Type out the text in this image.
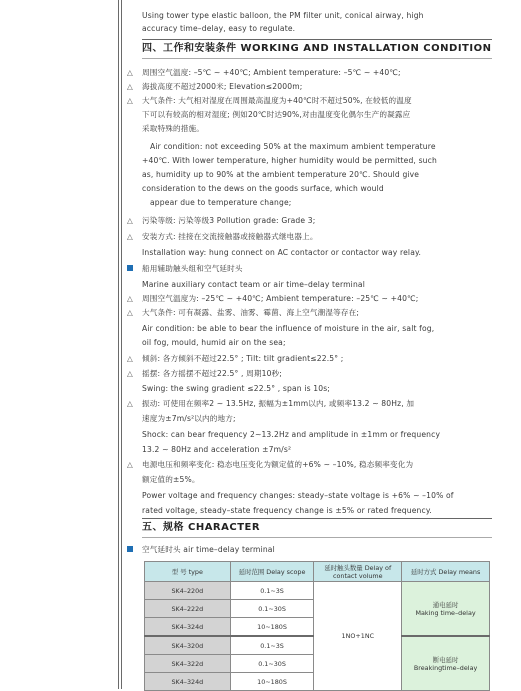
Using tower type elastic balloon, the PM filter unit, conical airway, high
accuracy time–delay, easy to regulate.
四、工作和安装条件 WORKING AND INSTALLATION CONDITION
△ 周围空气温度: –5℃ ~ +40℃; Ambient temperature: –5℃ ~ +40℃;
△ 海拔高度不超过2000米; Elevation≤2000m;
△ 大气条件: 大气相对湿度在周围最高温度为+40℃时不超过50%, 在较低的温度
下可以有较高的相对湿度; 例如20℃时达90%,对由温度变化偶尔生产的凝露应
采取特殊的措施。
Air condition: not exceeding 50% at the maximum ambient temperature
+40℃. With lower temperature, higher humidity would be permitted, such
as, humidity up to 90% at the ambient temperature 20℃. Should give
consideration to the dews on the goods surface, which would
appear due to temperature change;
△ 污染等级: 污染等级3 Pollution grade: Grade 3;
△ 安装方式: 挂接在交流接触器或接触器式继电器上。
Installation way: hung connect on AC contactor or contactor way relay.
船用辅助触头组和空气延时头
Marine auxiliary contact team or air time–delay terminal
△ 周围空气温度为: –25℃ ~ +40℃; Ambient temperature: –25℃ ~ +40℃;
△ 大气条件: 可有凝露、盐雾、油雾、霉菌、海上空气潮湿等存在;
Air condition: be able to bear the influence of moisture in the air, salt fog,
oil fog, mould, humid air on the sea;
△ 倾斜: 各方倾斜不超过22.5° ; Tilt: tilt gradient≤22.5° ;
△ 摇摆: 各方摇摆不超过22.5° , 周期10秒;
Swing: the swing gradient ≤22.5° , span is 10s;
△ 振动: 可使用在频率2 ~ 13.5Hz, 振幅为±1mm以内, 或频率13.2 ~ 80Hz, 加
速度为±7m/s²以内的地方;
Shock: can bear frequency 2~13.2Hz and amplitude in ±1mm or frequency
13.2 ~ 80Hz and acceleration ±7m/s²
△ 电源电压和频率变化: 稳态电压变化为额定值的+6% ~ –10%, 稳态频率变化为
额定值的±5%。
Power voltage and frequency changes: steady–state voltage is +6% ~ –10% of
rated voltage, steady–state frequency change is ±5% or rated frequency.
五、规格 CHARACTER
空气延时头 air time–delay terminal
型 号 type	延时范围 Delay scope	延时触头数量 Delay of contact volume	延时方式 Delay means
SK4–220d	0.1~3S	1NO+1NC	通电延时
Making time–delay

SK4–222d	0.1~30S		
SK4–324d	10~180S		
SK4–320d	0.1~3S		断电延时
Breakingtime–delay

SK4–322d	0.1~30S		
SK4–324d	10~180S		
